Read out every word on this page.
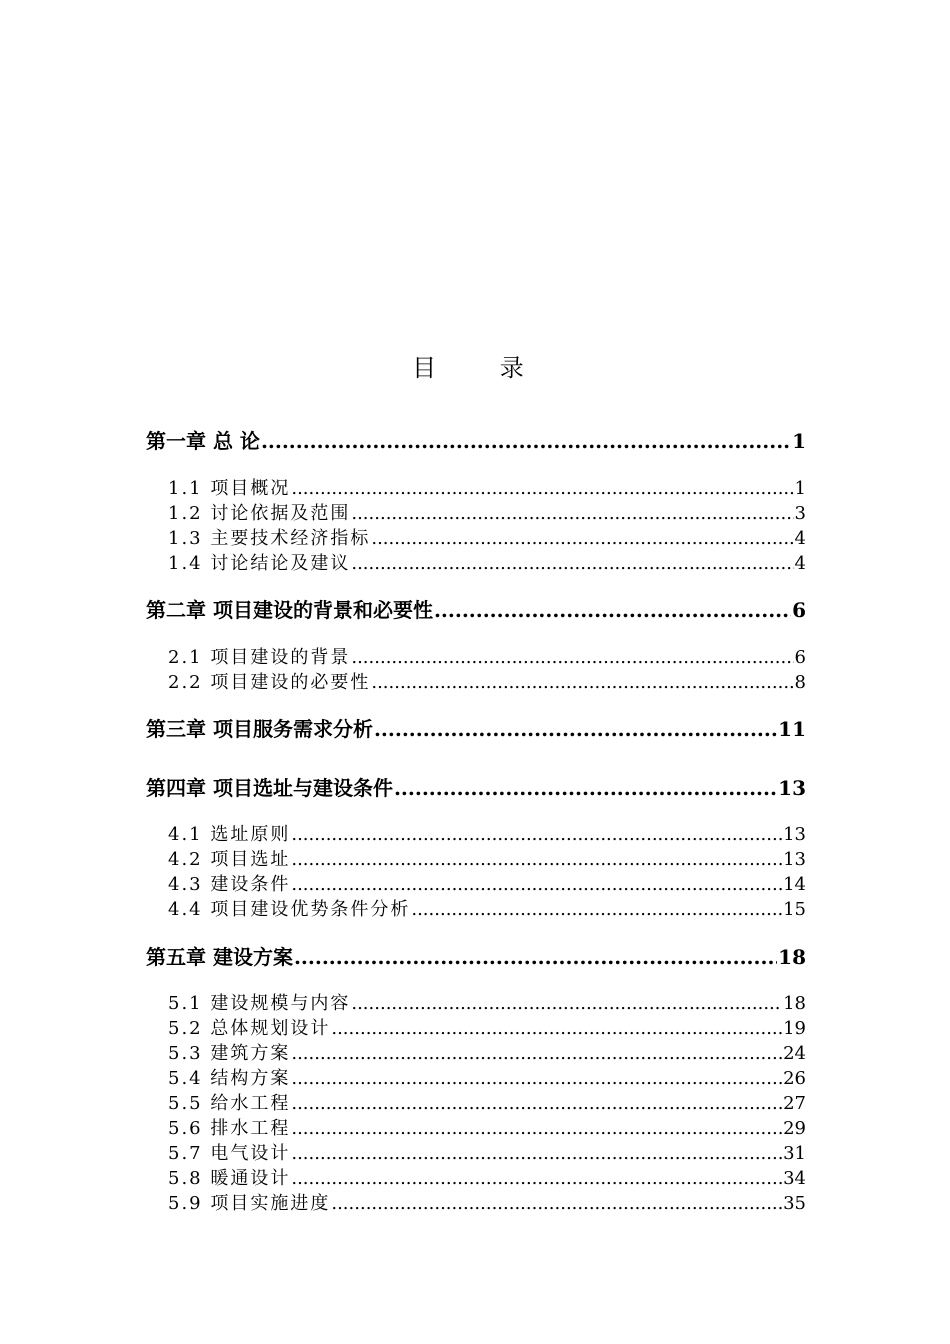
目 录
第一章 总 论 .....	1
1.1 项目概况 .....	1
1.2 讨论依据及范围 .....	3
1.3 主要技术经济指标 .....	4
1.4 讨论结论及建议 .....	4
第二章 项目建设的背景和必要性 .....	6
2.1 项目建设的背景 .....	6
2.2 项目建设的必要性 .....	8
第三章 项目服务需求分析 .....	11
第四章 项目选址与建设条件 .....	13
4.1 选址原则 .....	13
4.2 项目选址 .....	13
4.3 建设条件 .....	14
4.4 项目建设优势条件分析 .....	15
第五章 建设方案 .....	18
5.1 建设规模与内容 .....	18
5.2 总体规划设计 .....	19
5.3 建筑方案 .....	24
5.4 结构方案 .....	26
5.5 给水工程 .....	27
5.6 排水工程 .....	29
5.7 电气设计 .....	31
5.8 暖通设计 .....	34
5.9 项目实施进度 .....	35
